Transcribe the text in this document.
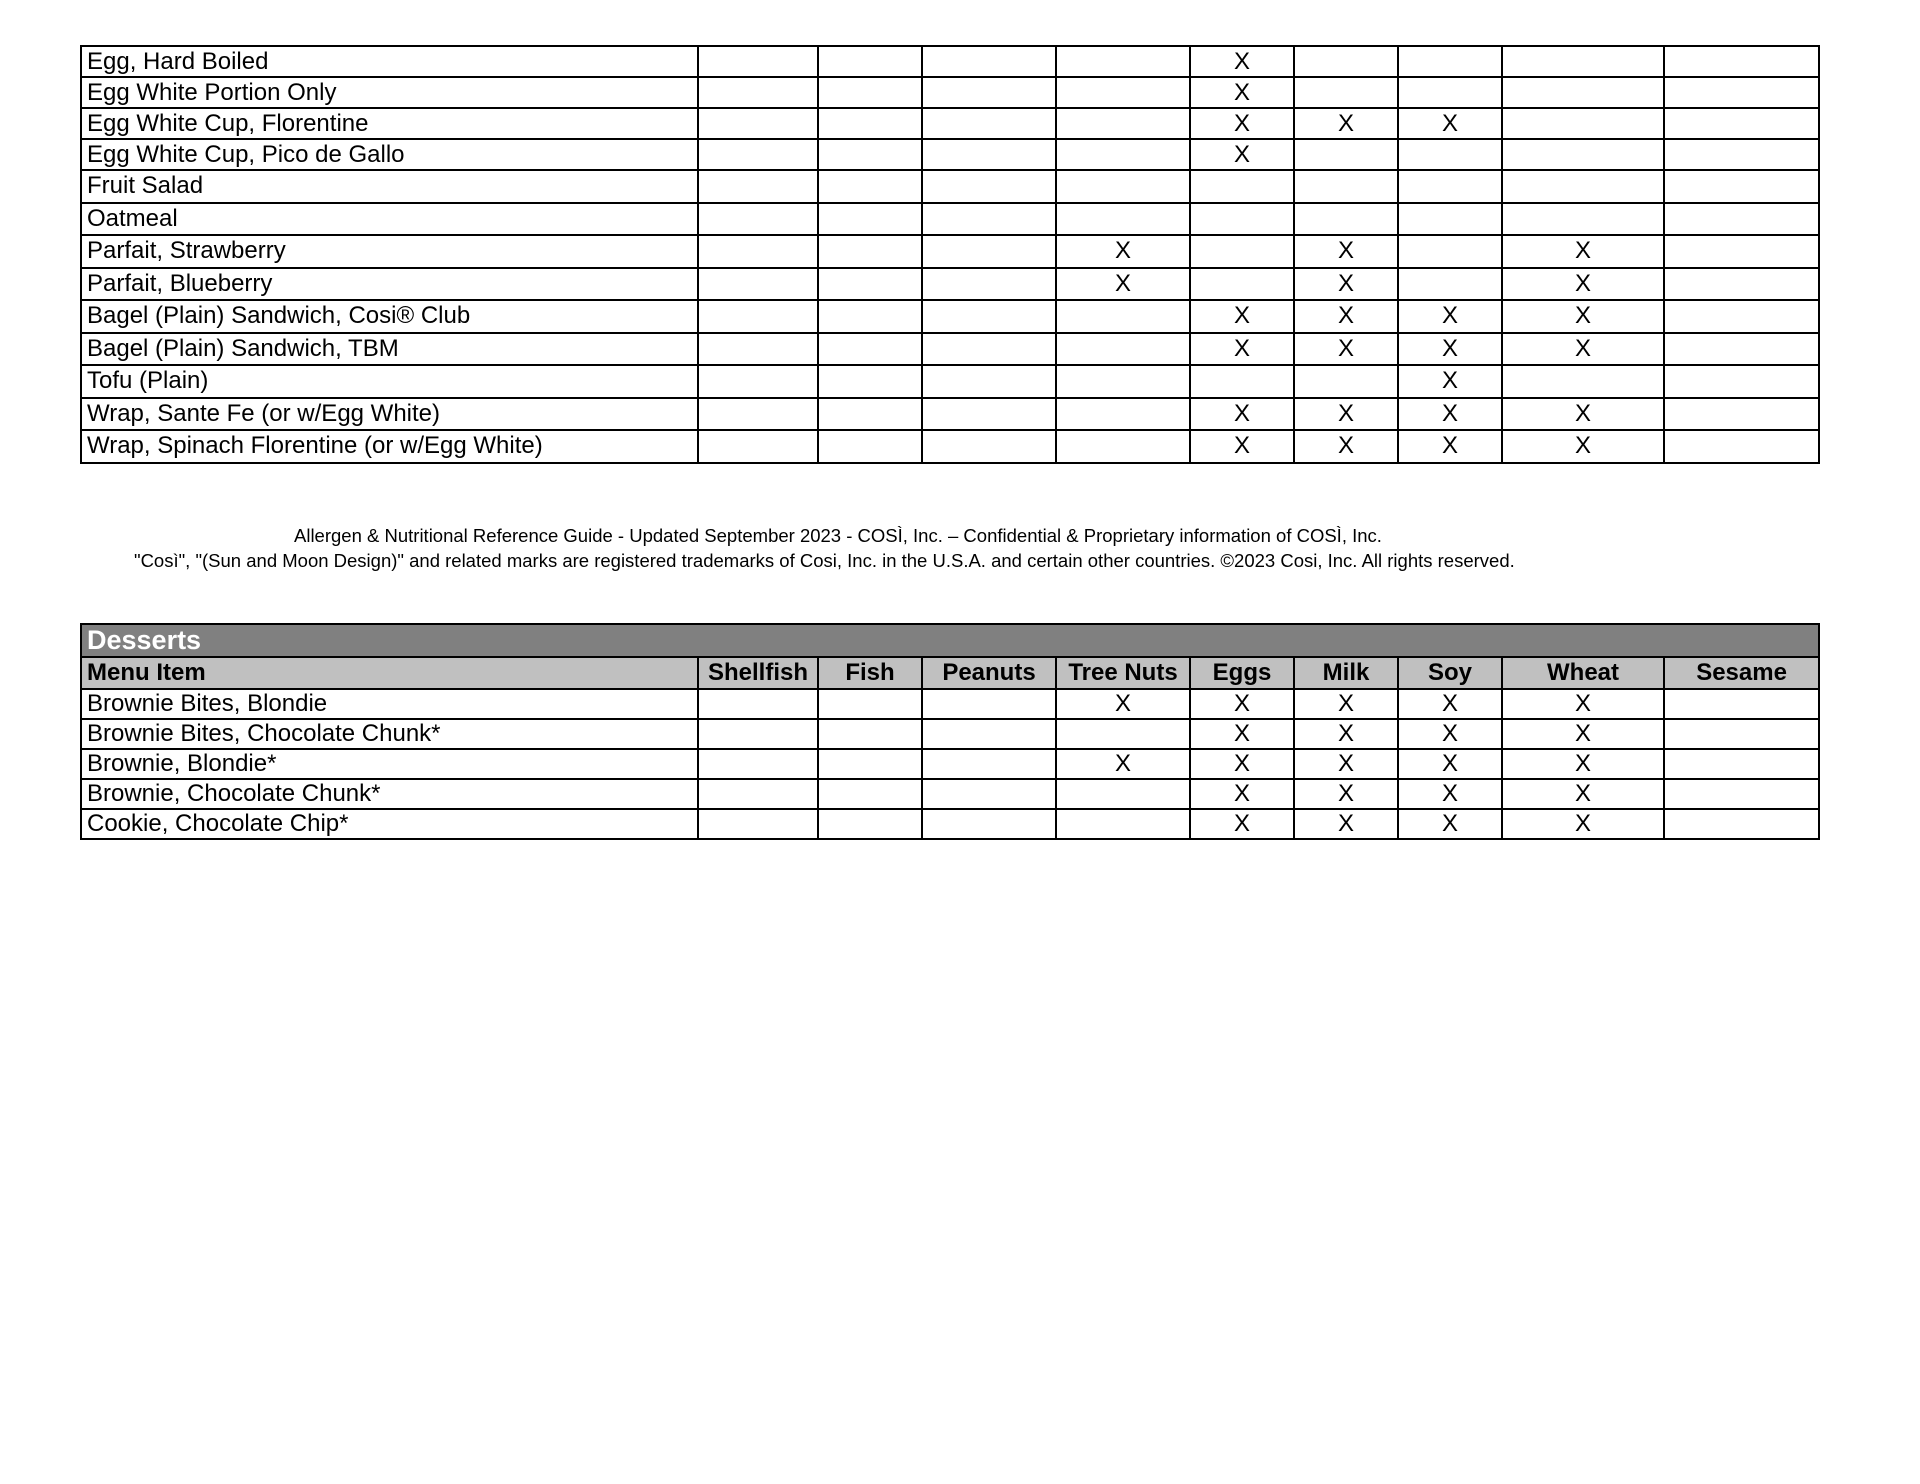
Egg, Hard Boiled					X				
Egg White Portion Only					X				
Egg White Cup, Florentine					X	X	X		
Egg White Cup, Pico de Gallo					X				
Fruit Salad									
Oatmeal									
Parfait, Strawberry				X		X		X	
Parfait, Blueberry				X		X		X	
Bagel (Plain) Sandwich, Cosi® Club					X	X	X	X	
Bagel (Plain) Sandwich, TBM					X	X	X	X	
Tofu (Plain)							X		
Wrap, Sante Fe (or w/Egg White)					X	X	X	X	
Wrap, Spinach Florentine (or w/Egg White)					X	X	X	X	
Allergen & Nutritional Reference Guide - Updated September 2023 - COSÌ, Inc. – Confidential & Proprietary information of COSÌ, Inc.
"Così", "(Sun and Moon Design)" and related marks are registered trademarks of Cosi, Inc. in the U.S.A. and certain other countries. ©2023 Cosi, Inc. All rights reserved.
Desserts									
Menu Item	Shellfish	Fish	Peanuts	Tree Nuts	Eggs	Milk	Soy	Wheat	Sesame
Brownie Bites, Blondie				X	X	X	X	X	
Brownie Bites, Chocolate Chunk*					X	X	X	X	
Brownie, Blondie*				X	X	X	X	X	
Brownie, Chocolate Chunk*					X	X	X	X	
Cookie, Chocolate Chip*					X	X	X	X	
